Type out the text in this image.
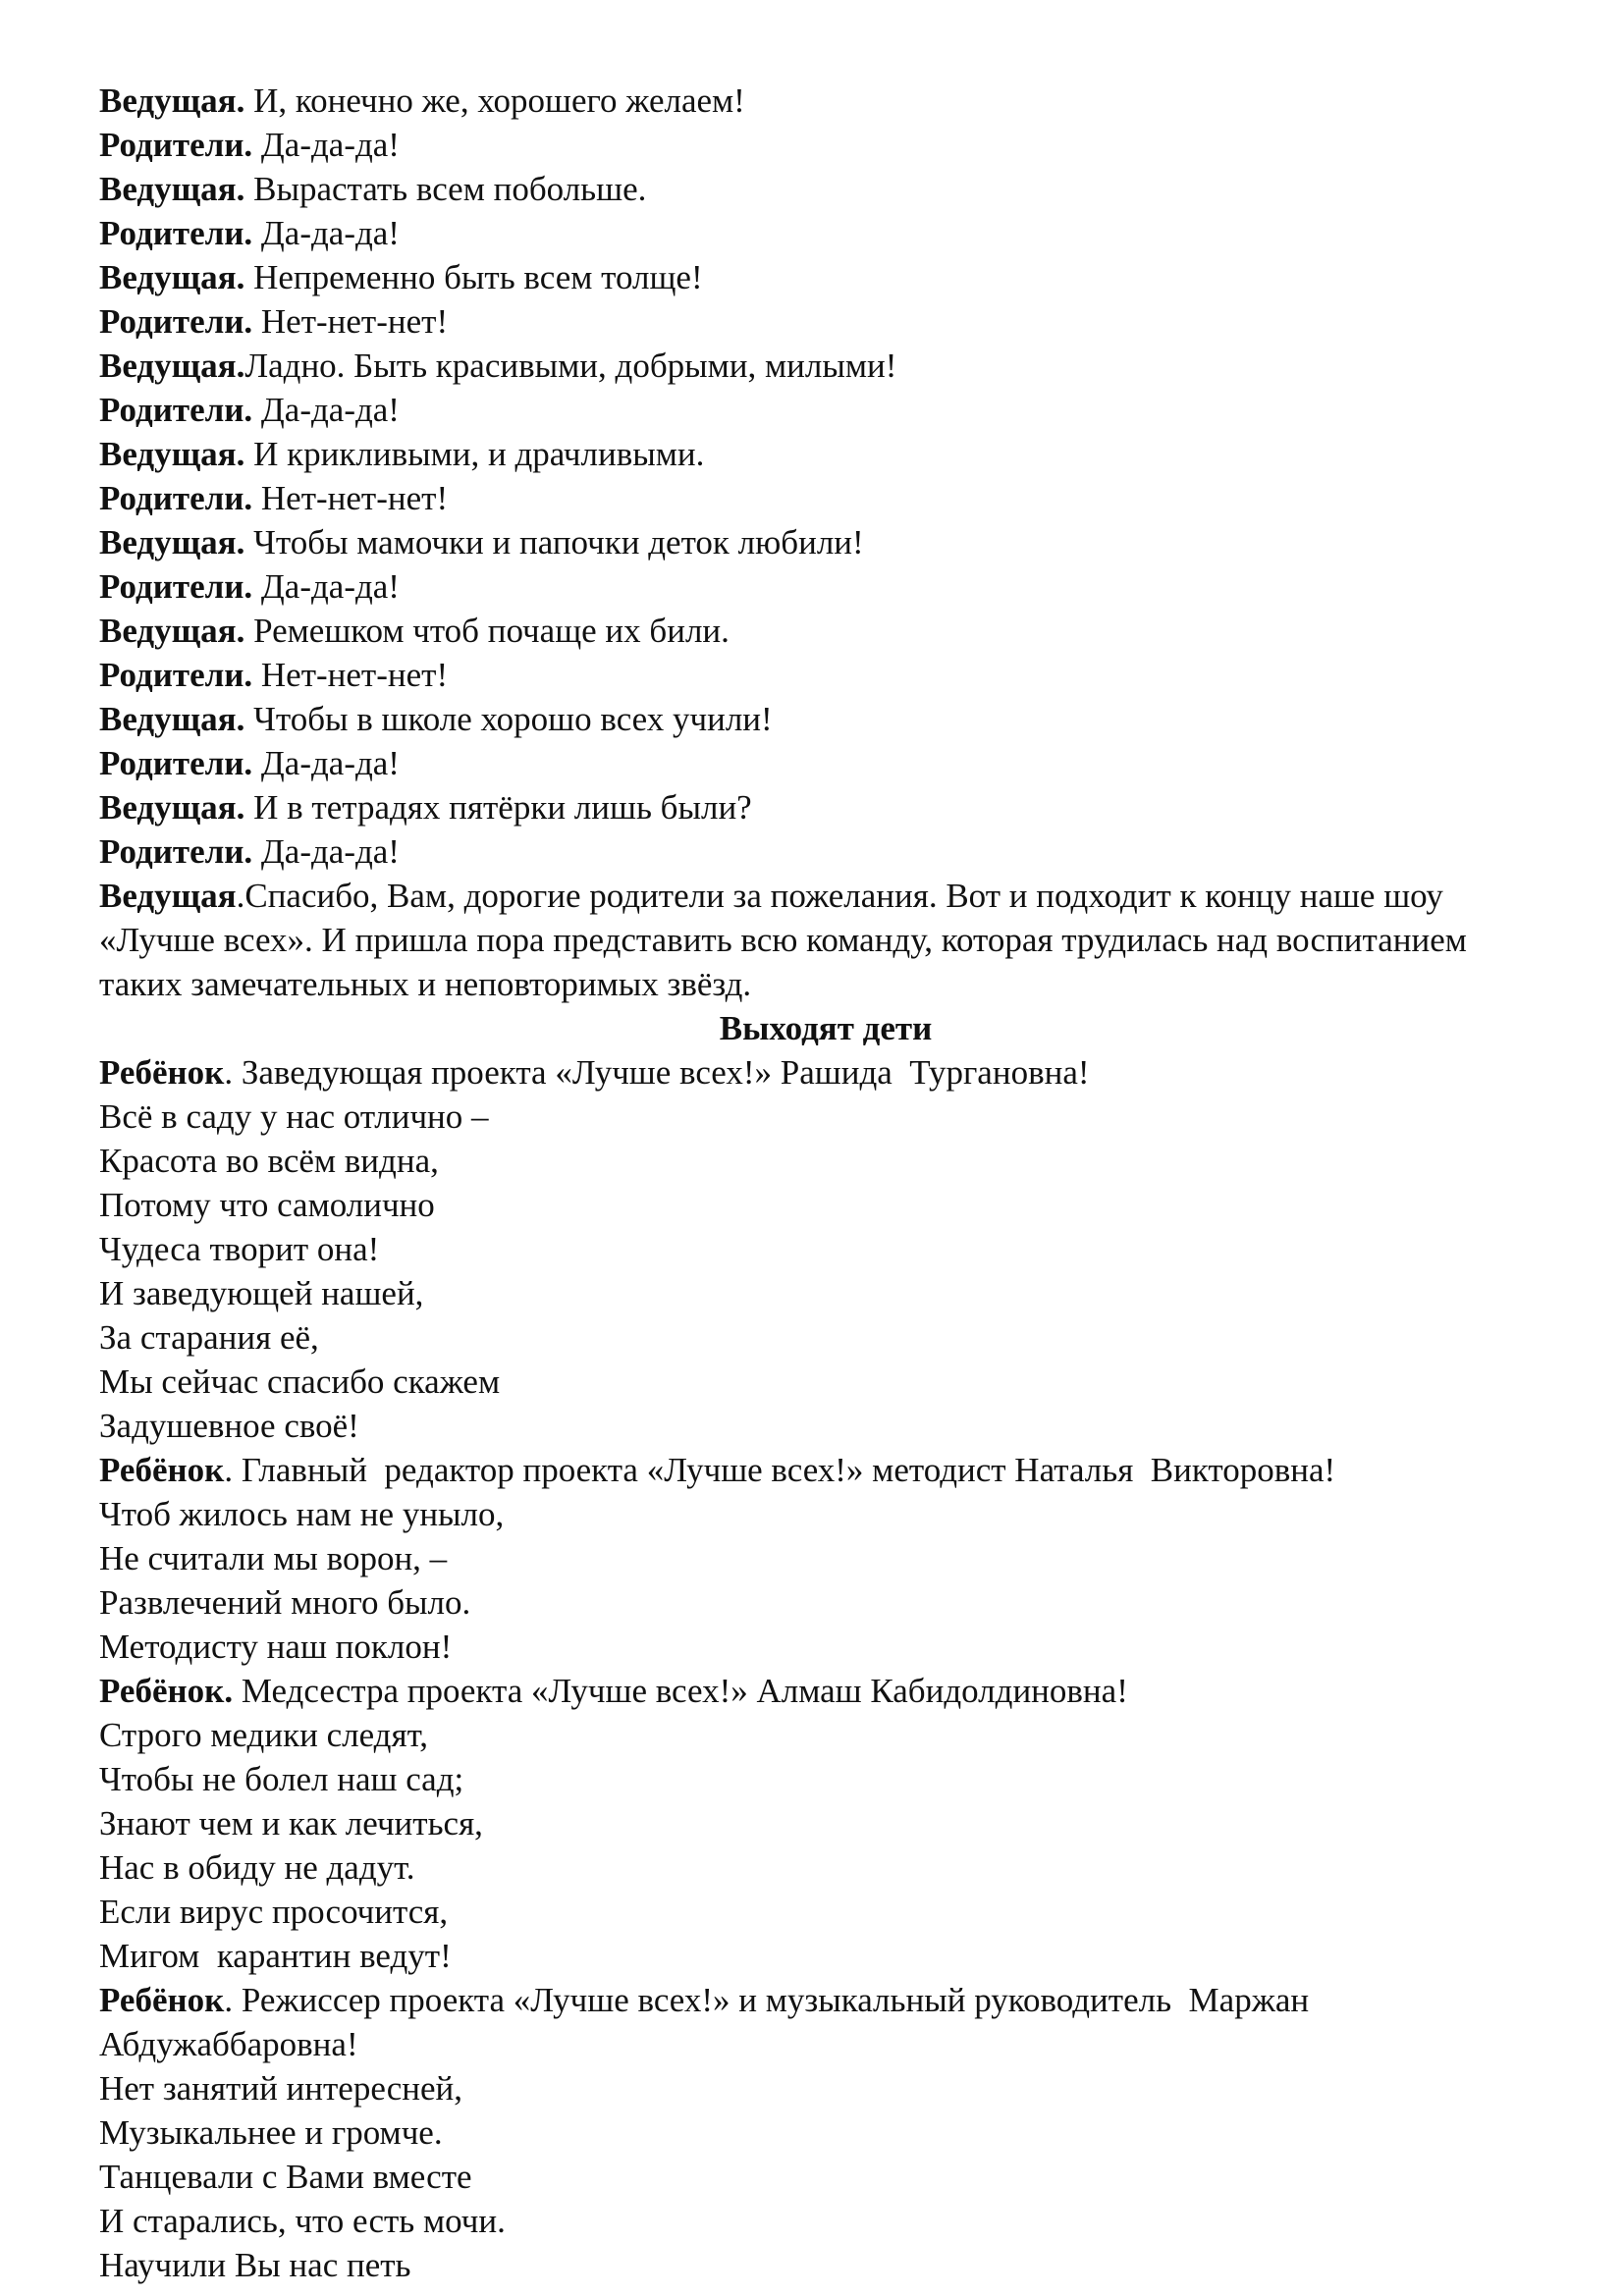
Ведущая. И, конечно же, хорошего желаем!

Родители. Да-да-да!

Ведущая. Вырастать всем побольше.

Родители. Да-да-да!

Ведущая. Непременно быть всем толще!

Родители. Нет-нет-нет!

Ведущая.Ладно. Быть красивыми, добрыми, милыми!

Родители. Да-да-да!

Ведущая. И крикливыми, и драчливыми.

Родители. Нет-нет-нет!

Ведущая. Чтобы мамочки и папочки деток любили!

Родители. Да-да-да!

Ведущая. Ремешком чтоб почаще их били.

Родители. Нет-нет-нет!

Ведущая. Чтобы в школе хорошо всех учили!

Родители. Да-да-да!

Ведущая. И в тетрадях пятёрки лишь были?

Родители. Да-да-да!

Ведущая.Спасибо, Вам, дорогие родители за пожелания. Вот и подходит к концу наше шоу «Лучше всех». И пришла пора представить всю команду, которая трудилась над воспитанием таких замечательных и неповторимых звёзд.

Выходят дети

Ребёнок. Заведующая проекта «Лучше всех!» Рашида  Тургановна!

Всё в саду у нас отлично –

Красота во всём видна,

Потому что самолично

Чудеса творит она!

И заведующей нашей,

За старания её,

Мы сейчас спасибо скажем

Задушевное своё!

Ребёнок. Главный  редактор проекта «Лучше всех!» методист Наталья  Викторовна!

Чтоб жилось нам не уныло,

Не считали мы ворон, –

Развлечений много было.

Методисту наш поклон!

Ребёнок. Медсестра проекта «Лучше всех!» Алмаш Кабидолдиновна!

Строго медики следят,

Чтобы не болел наш сад;

Знают чем и как лечиться,

Нас в обиду не дадут.

Если вирус просочится,

Мигом  карантин ведут!

Ребёнок. Режиссер проекта «Лучше всех!» и музыкальный руководитель  Маржан

Абдужаббаровна!

Нет занятий интересней,

Музыкальнее и громче.

Танцевали с Вами вместе

И старались, что есть мочи.

Научили Вы нас петь
